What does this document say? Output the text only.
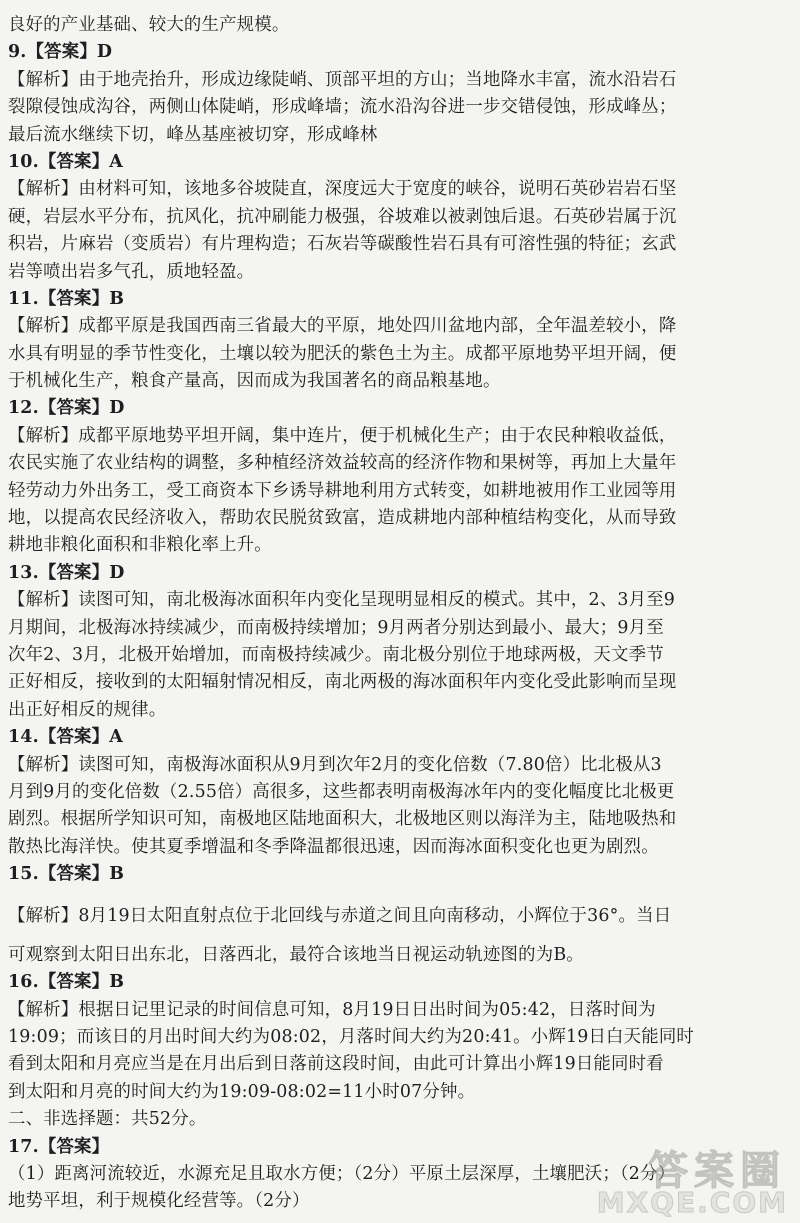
良好的产业基础、较大的生产规模。
9.【答案】D
【解析】由于地壳抬升，形成边缘陡峭、顶部平坦的方山；当地降水丰富，流水沿岩石
裂隙侵蚀成沟谷，两侧山体陡峭，形成峰墙；流水沿沟谷进一步交错侵蚀，形成峰丛；
最后流水继续下切，峰丛基座被切穿，形成峰林
10.【答案】A
【解析】由材料可知，该地多谷坡陡直，深度远大于宽度的峡谷，说明石英砂岩岩石坚
硬，岩层水平分布，抗风化，抗冲刷能力极强，谷坡难以被剥蚀后退。石英砂岩属于沉
积岩，片麻岩（变质岩）有片理构造；石灰岩等碳酸性岩石具有可溶性强的特征；玄武
岩等喷出岩多气孔，质地轻盈。
11.【答案】B
【解析】成都平原是我国西南三省最大的平原，地处四川盆地内部，全年温差较小，降
水具有明显的季节性变化，土壤以较为肥沃的紫色土为主。成都平原地势平坦开阔，便
于机械化生产，粮食产量高，因而成为我国著名的商品粮基地。
12.【答案】D
【解析】成都平原地势平坦开阔，集中连片，便于机械化生产；由于农民种粮收益低，
农民实施了农业结构的调整，多种植经济效益较高的经济作物和果树等，再加上大量年
轻劳动力外出务工，受工商资本下乡诱导耕地利用方式转变，如耕地被用作工业园等用
地，以提高农民经济收入，帮助农民脱贫致富，造成耕地内部种植结构变化，从而导致
耕地非粮化面积和非粮化率上升。
13.【答案】D
【解析】读图可知，南北极海冰面积年内变化呈现明显相反的模式。其中，2、3月至9
月期间，北极海冰持续减少，而南极持续增加；9月两者分别达到最小、最大；9月至
次年2、3月，北极开始增加，而南极持续减少。南北极分别位于地球两极，天文季节
正好相反，接收到的太阳辐射情况相反，南北两极的海冰面积年内变化受此影响而呈现
出正好相反的规律。
14.【答案】A
【解析】读图可知，南极海冰面积从9月到次年2月的变化倍数（7.80倍）比北极从3
月到9月的变化倍数（2.55倍）高很多，这些都表明南极海冰年内的变化幅度比北极更
剧烈。根据所学知识可知，南极地区陆地面积大，北极地区则以海洋为主，陆地吸热和
散热比海洋快。使其夏季增温和冬季降温都很迅速，因而海冰面积变化也更为剧烈。
15.【答案】B
【解析】8月19日太阳直射点位于北回线与赤道之间且向南移动，小辉位于36°。当日
可观察到太阳日出东北，日落西北，最符合该地当日视运动轨迹图的为B。
16.【答案】B
【解析】根据日记里记录的时间信息可知，8月19日日出时间为05:42，日落时间为
19:09；而该日的月出时间大约为08:02，月落时间大约为20:41。小辉19日白天能同时
看到太阳和月亮应当是在月出后到日落前这段时间，由此可计算出小辉19日能同时看
到太阳和月亮的时间大约为19:09-08:02=11小时07分钟。
二、非选择题：共52分。
17.【答案】
（1）距离河流较近，水源充足且取水方便；（2分）平原土层深厚，土壤肥沃；（2分）
地势平坦，利于规模化经营等。（2分）
答案圈
MXQE.COM
